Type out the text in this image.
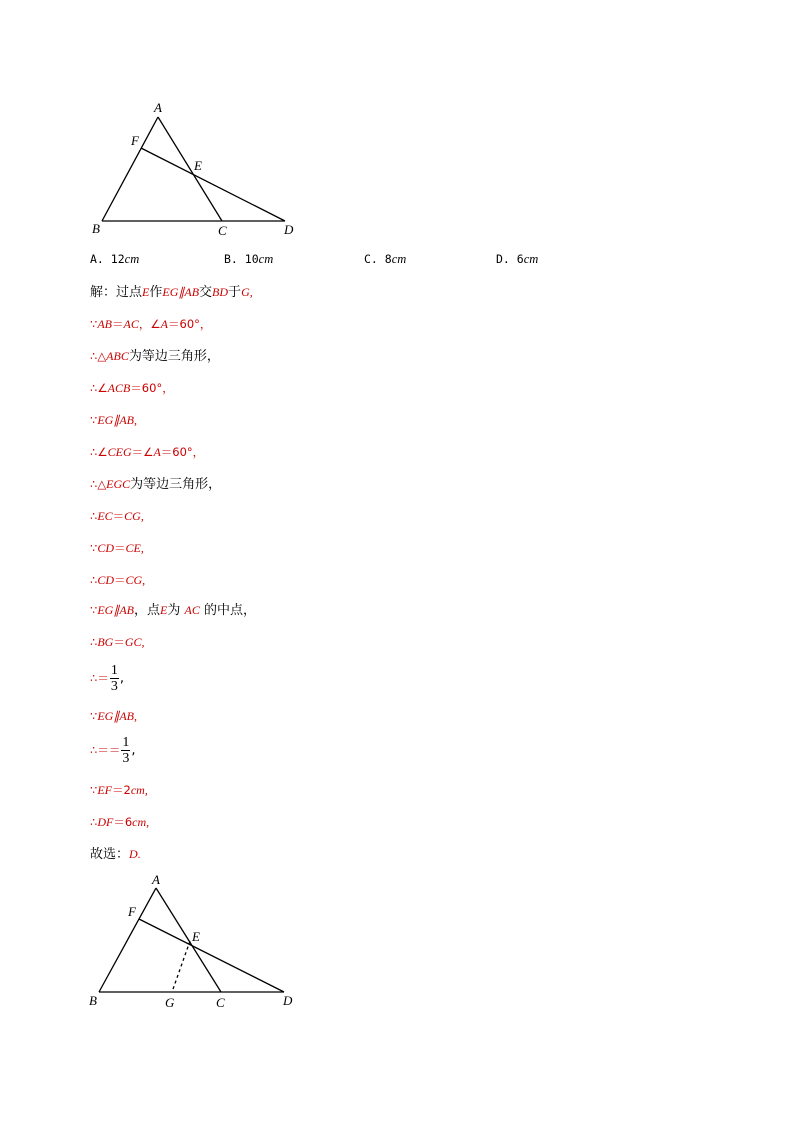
A
F
E
B	C	D
A. 12cm	B. 10cm	C. 8cm	D. 6cm
解：过点E作EG∥AB交BD于G,
∵AB＝AC，∠A＝60°，
∴△ABC为等边三角形，
∴∠ACB＝60°，
∵EG∥AB,
∴∠CEG＝∠A＝60°，
∴△EGC为等边三角形，
∴EC＝CG,
∵CD＝CE,
∴CD＝CG,
∵EG∥AB，点E为 AC 的中点，
∴BG＝GC,
∴＝ $\frac{1}{3}$ ,
∵EG∥AB,
∴＝＝ $\frac{1}{3}$ ,
∵EF＝2cm,
∴DF＝6cm,
故选：D.
A
F
E
B	G	C	D
